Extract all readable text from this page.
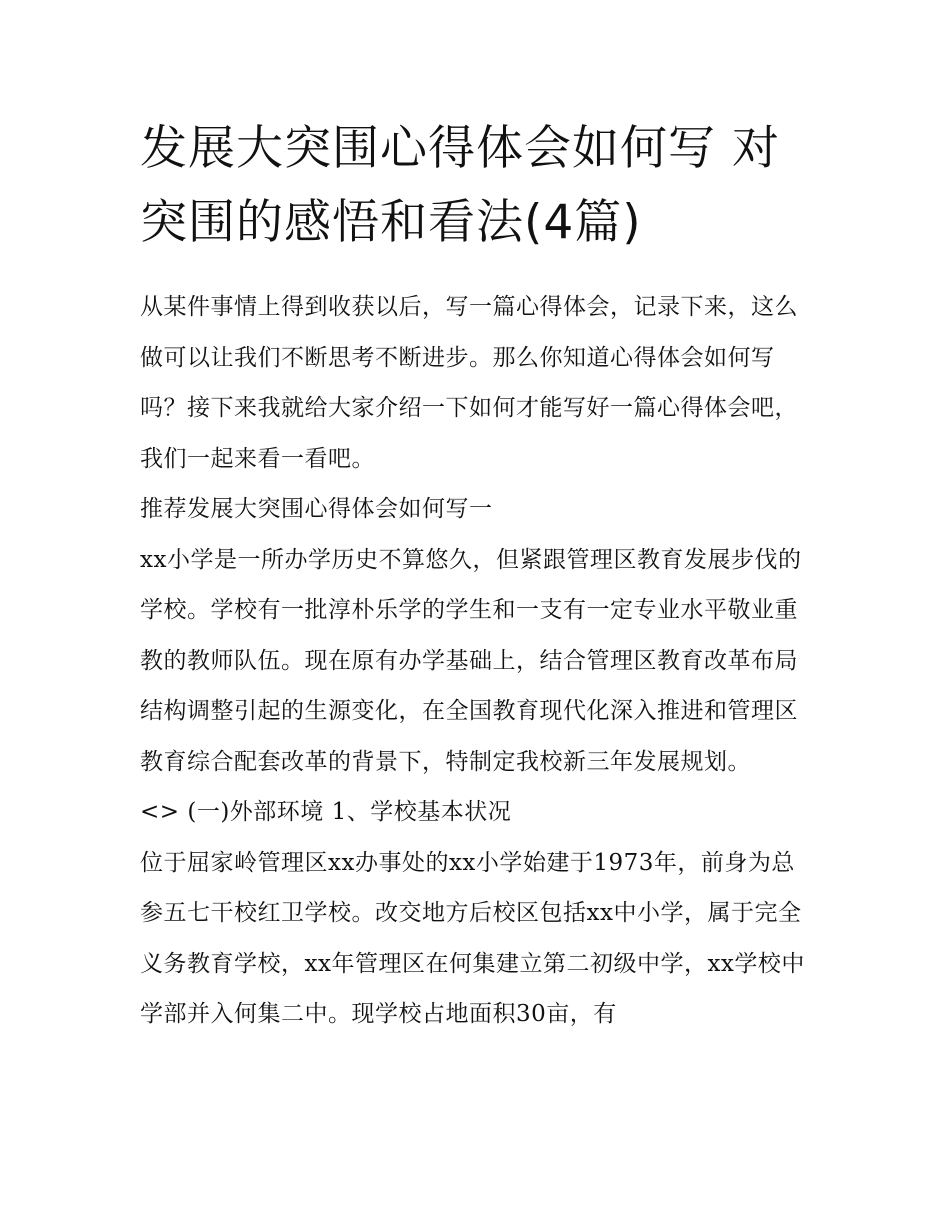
发展大突围心得体会如何写 对突围的感悟和看法(4篇)

从某件事情上得到收获以后，写一篇心得体会，记录下来，这么做可以让我们不断思考不断进步。那么你知道心得体会如何写吗？接下来我就给大家介绍一下如何才能写好一篇心得体会吧，我们一起来看一看吧。

推荐发展大突围心得体会如何写一

xx小学是一所办学历史不算悠久，但紧跟管理区教育发展步伐的学校。学校有一批淳朴乐学的学生和一支有一定专业水平敬业重教的教师队伍。现在原有办学基础上，结合管理区教育改革布局结构调整引起的生源变化，在全国教育现代化深入推进和管理区教育综合配套改革的背景下，特制定我校新三年发展规划。

<> (一)外部环境 1、学校基本状况

位于屈家岭管理区xx办事处的xx小学始建于1973年，前身为总参五七干校红卫学校。改交地方后校区包括xx中小学，属于完全义务教育学校，xx年管理区在何集建立第二初级中学，xx学校中学部并入何集二中。现学校占地面积30亩，有
